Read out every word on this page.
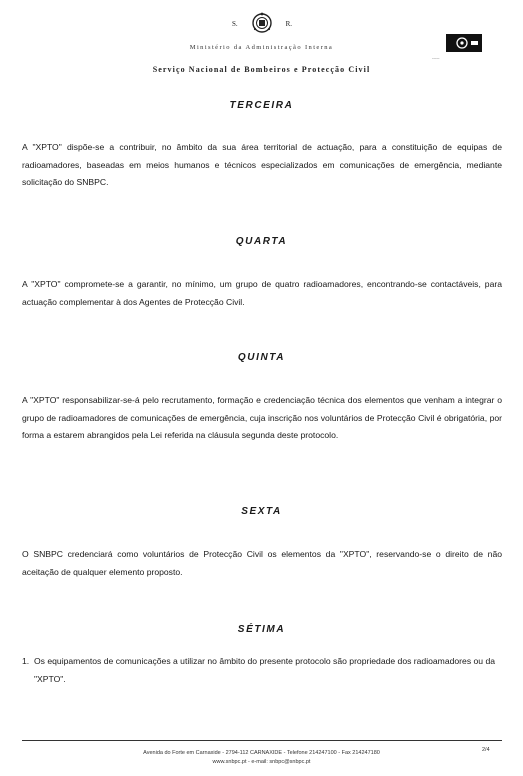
S.	R.
Ministério da Administração Interna
Serviço Nacional de Bombeiros e Protecção Civil
-----
TERCEIRA

A "XPTO" dispõe-se a contribuir, no âmbito da sua área territorial de actuação, para a constituição de equipas de radioamadores, baseadas em meios humanos e técnicos especializados em comunicações de emergência, mediante solicitação do SNBPC.

QUARTA

A "XPTO" compromete-se a garantir, no mínimo, um grupo de quatro radioamadores, encontrando-se contactáveis, para actuação complementar à dos Agentes de Protecção Civil.

QUINTA

A "XPTO" responsabilizar-se-á pelo recrutamento, formação e credenciação técnica dos elementos que venham a integrar o grupo de radioamadores de comunicações de emergência, cuja inscrição nos voluntários de Protecção Civil é obrigatória, por forma a estarem abrangidos pela Lei referida na cláusula segunda deste protocolo.

SEXTA

O SNBPC credenciará como voluntários de Protecção Civil os elementos da "XPTO", reservando-se o direito de não aceitação de qualquer elemento proposto.

SÉTIMA
1. Os equipamentos de comunicações a utilizar no âmbito do presente protocolo são propriedade dos radioamadores ou da "XPTO".
Avenida do Forte em Carnaxide - 2794-112 CARNAXIDE - Telefone 214247100 - Fax 214247180
www.snbpc.pt - e-mail: snbpc@snbpc.pt
2/4
